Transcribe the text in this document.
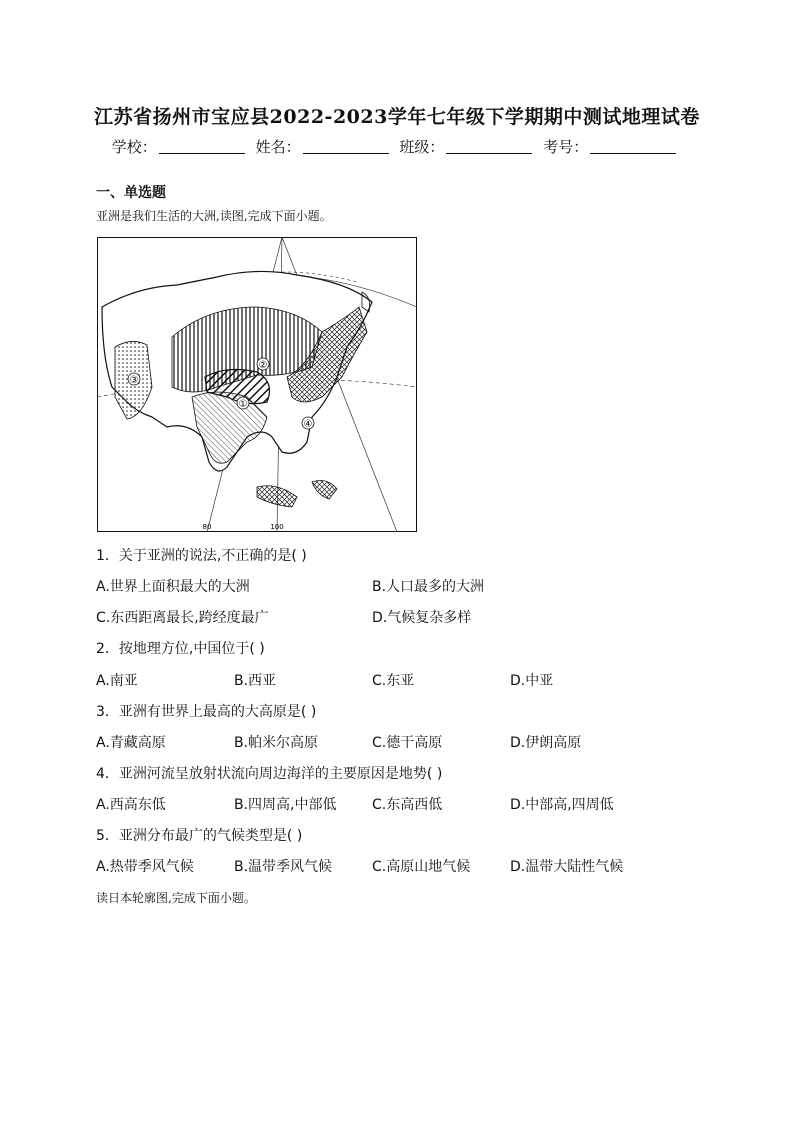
江苏省扬州市宝应县2022-2023学年七年级下学期期中测试地理试卷
学校：	姓名：	班级：	考号：
一、单选题
亚洲是我们生活的大洲,读图,完成下面小题。
①
②
③
④
80	100
1．关于亚洲的说法,不正确的是( )
A.世界上面积最大的大洲	B.人口最多的大洲
C.东西距离最长,跨经度最广	D.气候复杂多样
2．按地理方位,中国位于( )
A.南亚	B.西亚	C.东亚	D.中亚
3．亚洲有世界上最高的大高原是( )
A.青藏高原	B.帕米尔高原	C.德干高原	D.伊朗高原
4．亚洲河流呈放射状流向周边海洋的主要原因是地势( )
A.西高东低	B.四周高,中部低	C.东高西低	D.中部高,四周低
5．亚洲分布最广的气候类型是( )
A.热带季风气候	B.温带季风气候	C.高原山地气候	D.温带大陆性气候
读日本轮廓图,完成下面小题。
